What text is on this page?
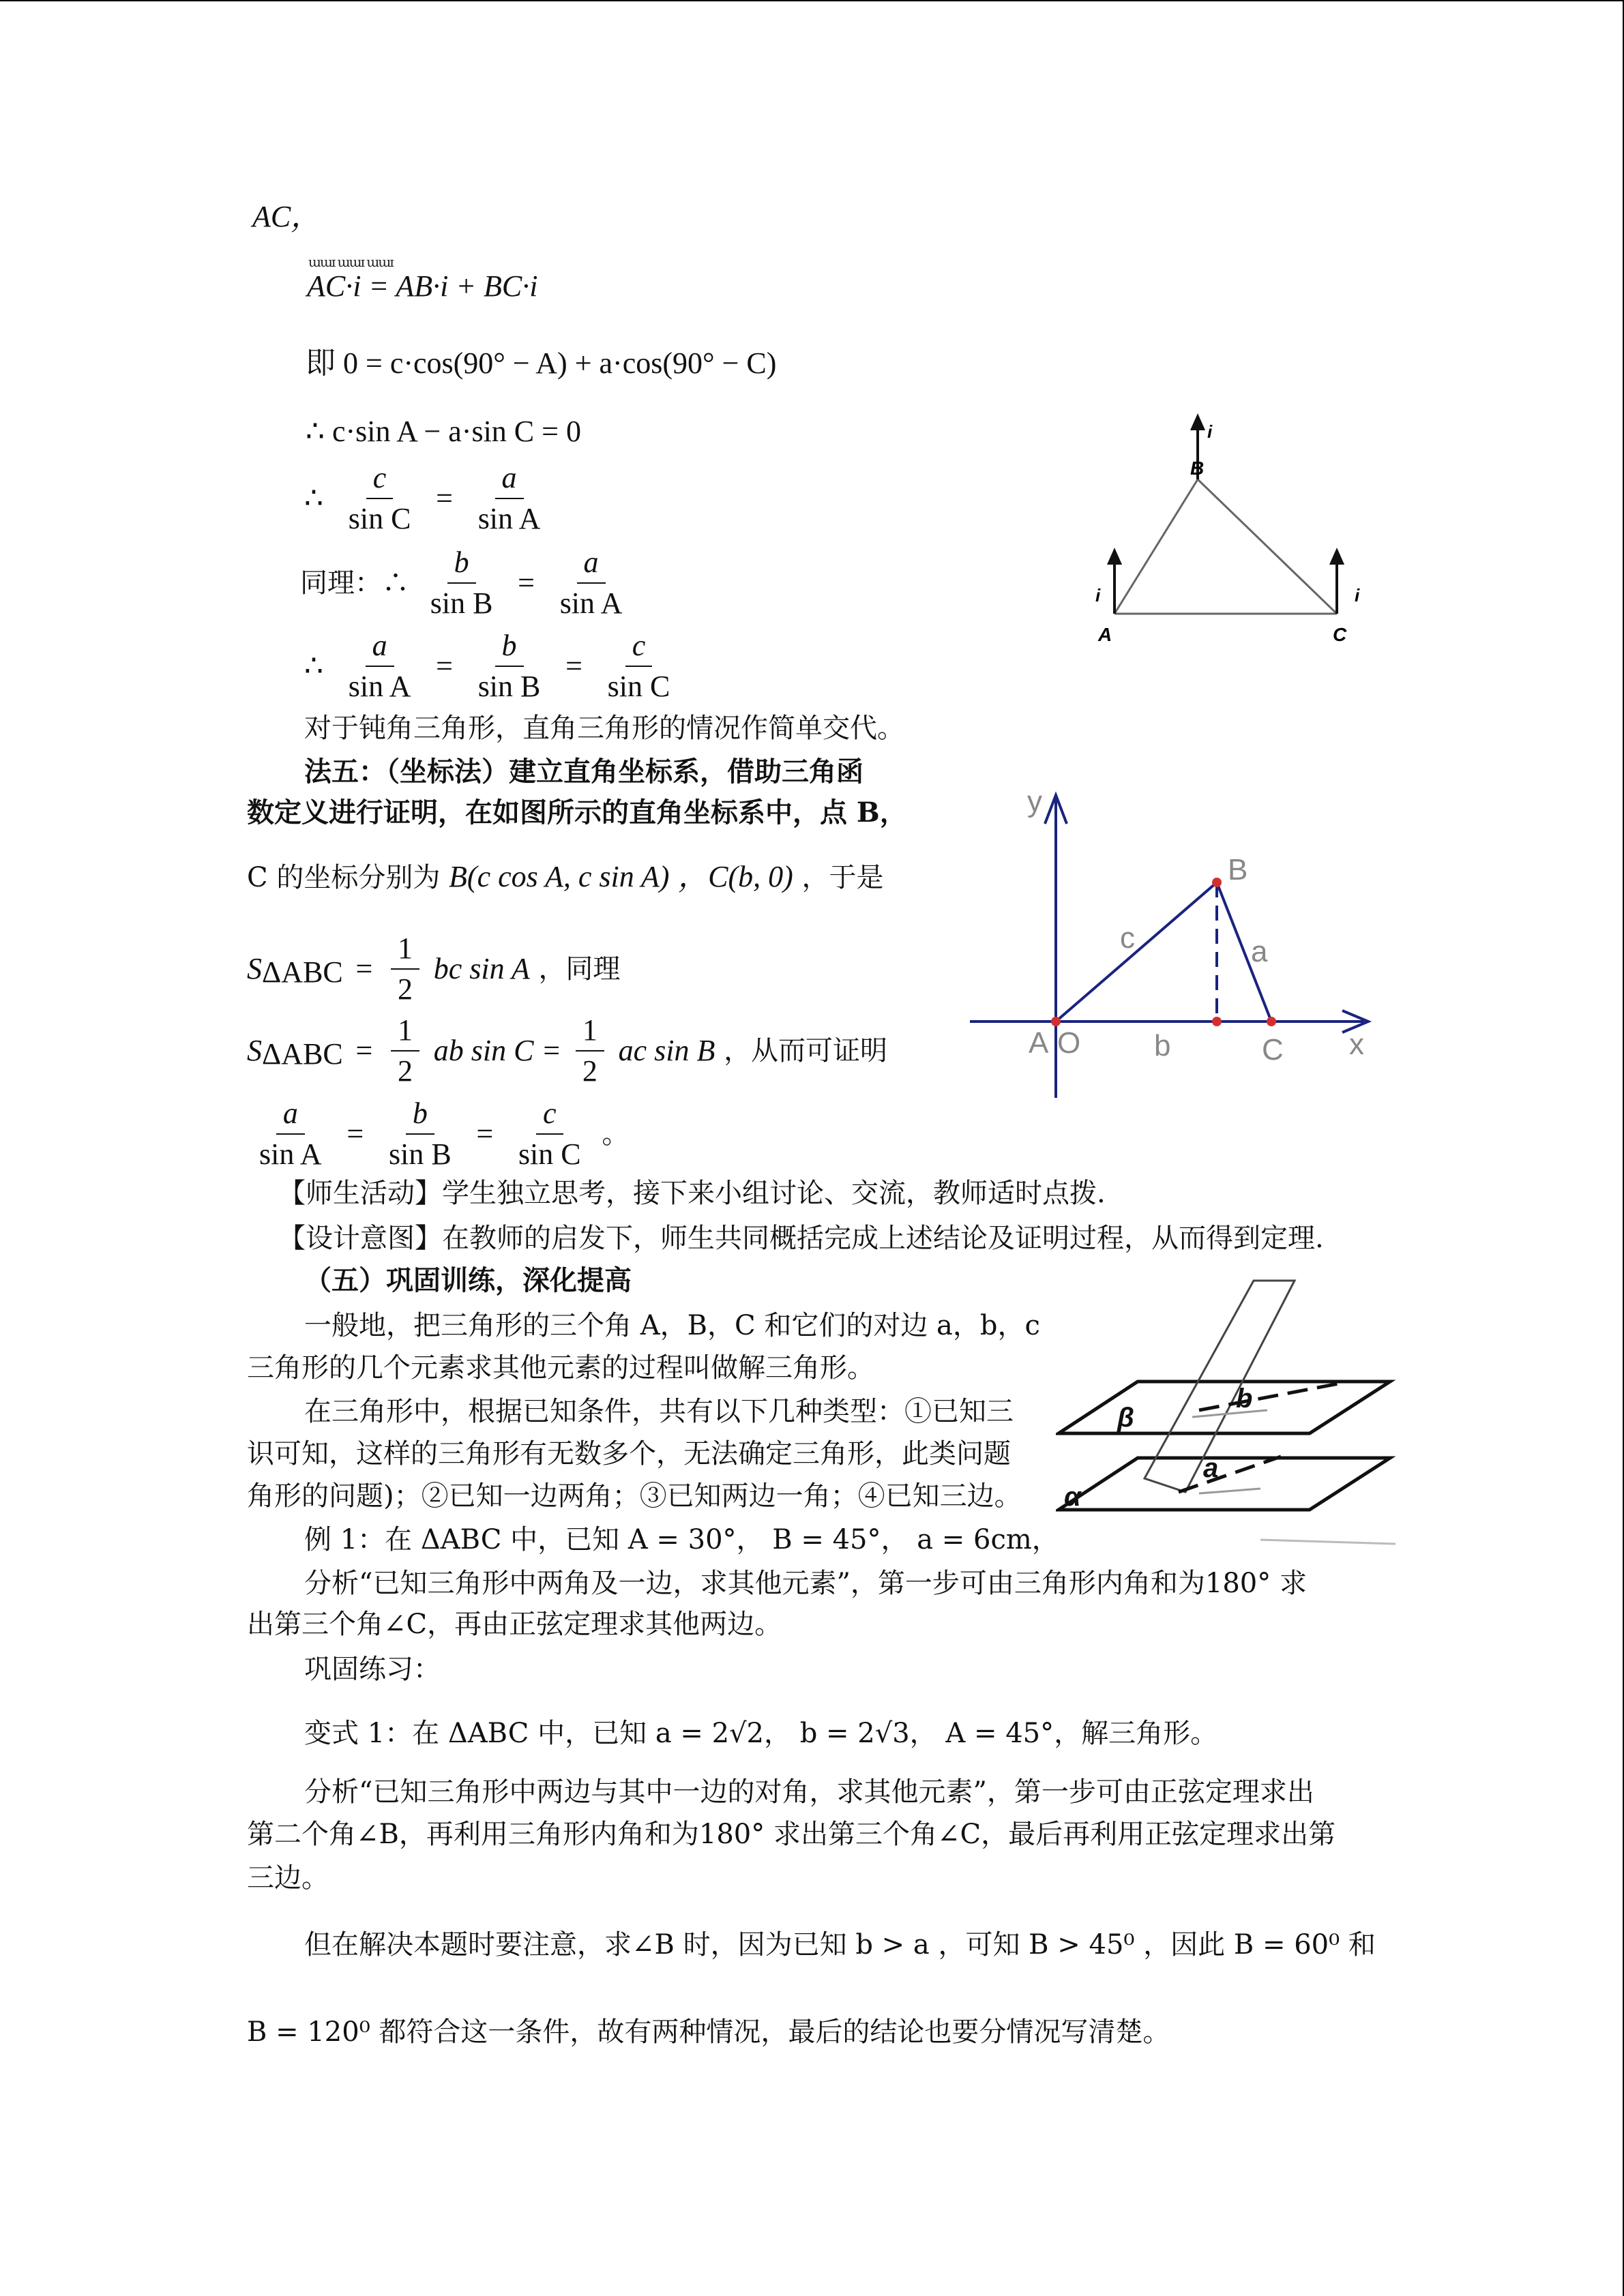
AC，
ɯɯɪ ɯɯɪ ɯɯɪ
AC·i = AB·i + BC·i
即 0 = c·cos(90° − A) + a·cos(90° − C)
∴ c·sin A − a·sin C = 0
∴ $\frac{c}{\text{sin C}} = \frac{a}{\text{sin A}}$
同理：∴ $\frac{b}{\text{sin B}} = \frac{a}{\text{sin A}}$
∴ $\frac{a}{\text{sin A}} = \frac{b}{\text{sin B}} = \frac{c}{\text{sin C}}$
对于钝角三角形，直角三角形的情况作简单交代。
A
B
C
i
i	i
法五：（坐标法）建立直角坐标系，借助三角函
数定义进行证明，在如图所示的直角坐标系中，点 B，
C 的坐标分别为 B(c cos A, c sin A) ，C(b, 0) ，于是
$S_{\Delta ABC} = \frac{1}{2}$ bc sin A ，同理
$S_{\Delta ABC} = \frac{1}{2}$ ab $\sin C = \frac{1}{2}$ ac sin B ，从而可证明
$\frac{a}{\text{sin A}} = \frac{b}{\text{sin B}} = \frac{c}{\text{sin C}}$ 。
y
x
B
c	a
A O b	C
【师生活动】学生独立思考，接下来小组讨论、交流，教师适时点拨.
【设计意图】在教师的启发下，师生共同概括完成上述结论及证明过程，从而得到定理.
（五）巩固训练，深化提高
一般地，把三角形的三个角 A，B，C 和它们的对边 a，b，c
三角形的几个元素求其他元素的过程叫做解三角形。
在三角形中，根据已知条件，共有以下几种类型：①已知三
识可知，这样的三角形有无数多个，无法确定三角形，此类问题
角形的问题)；②已知一边两角；③已知两边一角；④已知三边。
β
b
a
α
例 1：在 ΔABC 中，已知 A = 30°， B = 45°， a = 6cm，
分析“已知三角形中两角及一边，求其他元素”，第一步可由三角形内角和为180° 求
出第三个角∠C，再由正弦定理求其他两边。
巩固练习：
变式 1：在 ΔABC 中，已知 a = 2√2， b = 2√3， A = 45°，解三角形。
分析“已知三角形中两边与其中一边的对角，求其他元素”，第一步可由正弦定理求出
第二个角∠B，再利用三角形内角和为180° 求出第三个角∠C，最后再利用正弦定理求出第
三边。
但在解决本题时要注意，求∠B 时，因为已知 b > a ，可知 B > 45⁰ ，因此 B = 60⁰ 和
B = 120⁰ 都符合这一条件，故有两种情况，最后的结论也要分情况写清楚。
